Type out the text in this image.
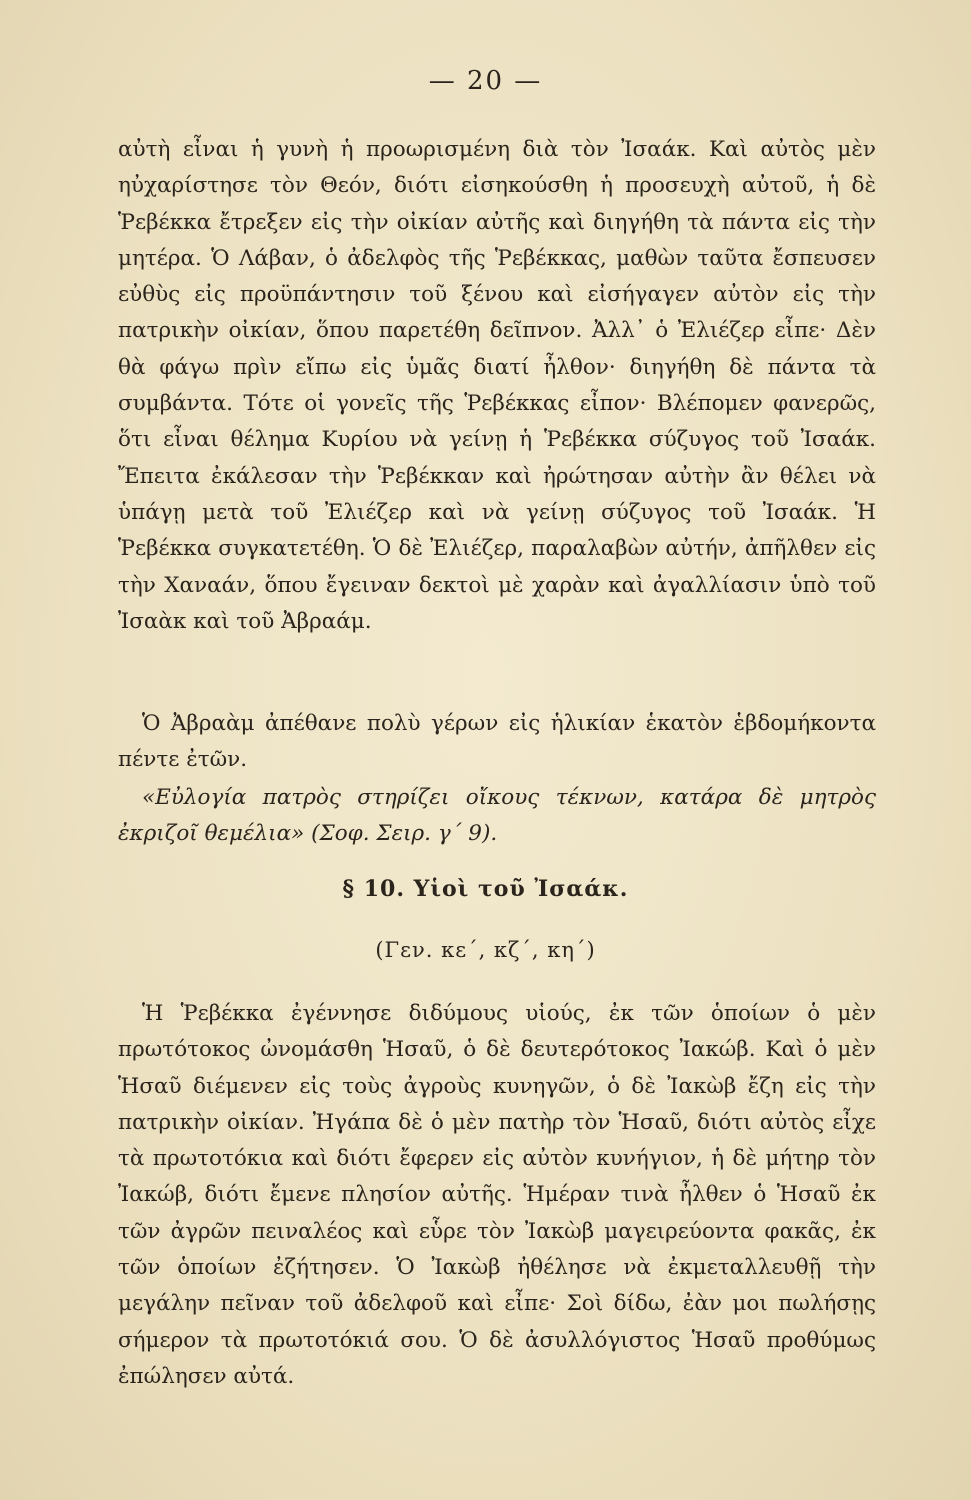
— 20 —

αὐτὴ εἶναι ἡ γυνὴ ἡ προωρισμένη διὰ τὸν Ἰσαάκ. Καὶ αὐτὸς μὲν ηὐχαρίστησε τὸν Θεόν, διότι εἰσηκούσθη ἡ προσευχὴ αὐτοῦ, ἡ δὲ Ῥεβέκκα ἔτρεξεν εἰς τὴν οἰκίαν αὐτῆς καὶ διηγήθη τὰ πάντα εἰς τὴν μητέρα. Ὁ Λάβαν, ὁ ἀδελφὸς τῆς Ῥεβέκκας, μαθὼν ταῦτα ἔσπευσεν εὐθὺς εἰς προϋπάντησιν τοῦ ξένου καὶ εἰσήγαγεν αὐτὸν εἰς τὴν πατρικὴν οἰκίαν, ὅπου παρετέθη δεῖπνον. Ἀλλ᾽ ὁ Ἐλιέζερ εἶπε· Δὲν θὰ φάγω πρὶν εἴπω εἰς ὑμᾶς διατί ἦλθον· διηγήθη δὲ πάντα τὰ συμβάντα. Τότε οἱ γονεῖς τῆς Ῥεβέκκας εἶπον· Βλέπομεν φανερῶς, ὅτι εἶναι θέλημα Κυρίου νὰ γείνῃ ἡ Ῥεβέκκα σύζυγος τοῦ Ἰσαάκ. Ἔπειτα ἐκάλεσαν τὴν Ῥεβέκκαν καὶ ἠρώτησαν αὐτὴν ἂν θέλει νὰ ὑπάγῃ μετὰ τοῦ Ἐλιέζερ καὶ νὰ γείνῃ σύζυγος τοῦ Ἰσαάκ. Ἡ Ῥεβέκκα συγκατετέθη. Ὁ δὲ Ἐλιέζερ, παραλαβὼν αὐτήν, ἀπῆλθεν εἰς τὴν Χαναάν, ὅπου ἔγειναν δεκτοὶ μὲ χαρὰν καὶ ἀγαλλίασιν ὑπὸ τοῦ Ἰσαὰκ καὶ τοῦ Ἀβραάμ.

Ὁ Ἀβραὰμ ἀπέθανε πολὺ γέρων εἰς ἡλικίαν ἑκατὸν ἑβδομήκοντα πέντε ἐτῶν.

«Εὐλογία πατρὸς στηρίζει οἴκους τέκνων, κατάρα δὲ μητρὸς ἐκριζοῖ θεμέλια» (Σοφ. Σειρ. γ΄ 9).

§ 10. Υἱοὶ τοῦ Ἰσαάκ.
(Γεν. κε΄, κζ΄, κη΄)

Ἡ Ῥεβέκκα ἐγέννησε διδύμους υἱούς, ἐκ τῶν ὁποίων ὁ μὲν πρωτότοκος ὠνομάσθη Ἡσαῦ, ὁ δὲ δευτερότοκος Ἰακώβ. Καὶ ὁ μὲν Ἡσαῦ διέμενεν εἰς τοὺς ἀγροὺς κυνηγῶν, ὁ δὲ Ἰακὼβ ἔζη εἰς τὴν πατρικὴν οἰκίαν. Ἠγάπα δὲ ὁ μὲν πατὴρ τὸν Ἡσαῦ, διότι αὐτὸς εἶχε τὰ πρωτοτόκια καὶ διότι ἔφερεν εἰς αὐτὸν κυνήγιον, ἡ δὲ μήτηρ τὸν Ἰακώβ, διότι ἔμενε πλησίον αὐτῆς. Ἡμέραν τινὰ ἦλθεν ὁ Ἡσαῦ ἐκ τῶν ἀγρῶν πειναλέος καὶ εὗρε τὸν Ἰακὼβ μαγειρεύοντα φακᾶς, ἐκ τῶν ὁποίων ἐζήτησεν. Ὁ Ἰακὼβ ἠθέλησε νὰ ἐκμεταλλευθῇ τὴν μεγάλην πεῖναν τοῦ ἀδελφοῦ καὶ εἶπε· Σοὶ δίδω, ἐὰν μοι πωλήσῃς σήμερον τὰ πρωτοτόκιά σου. Ὁ δὲ ἀσυλλόγιστος Ἡσαῦ προθύμως ἐπώλησεν αὐτά.
